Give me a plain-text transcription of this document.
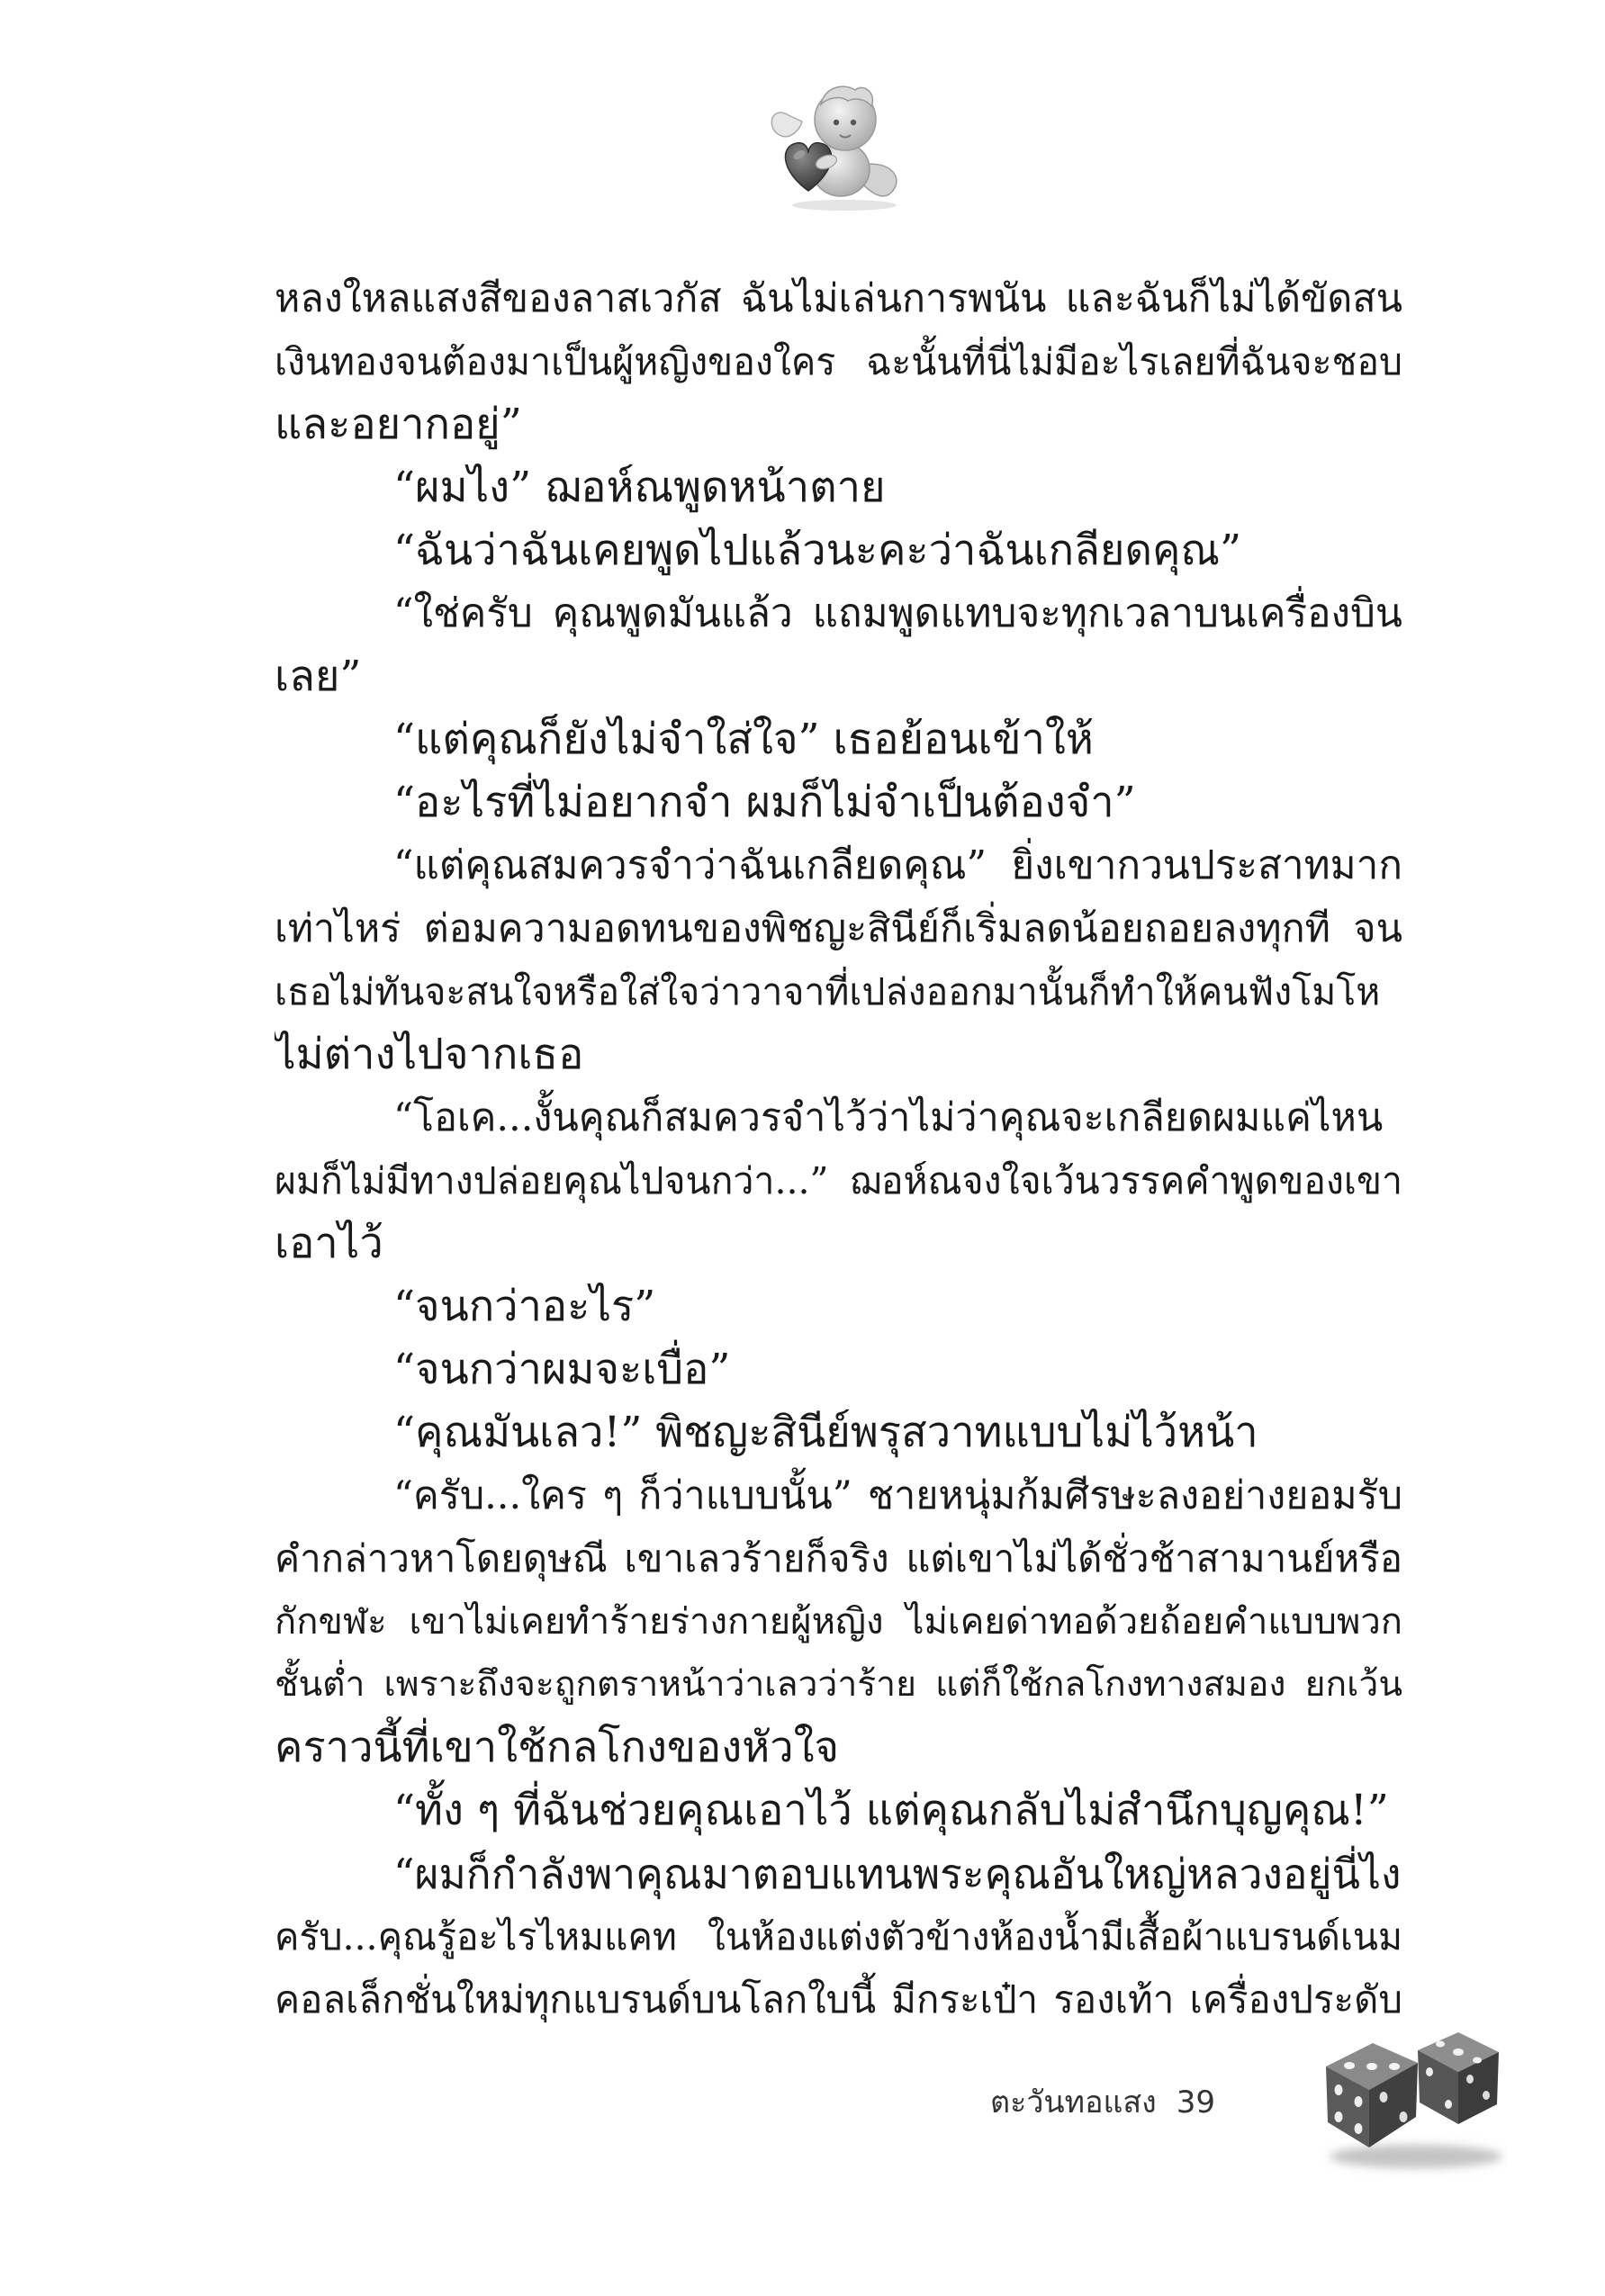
หลงใหลแสงสีของลาสเวกัส ฉันไม่เล่นการพนัน และฉันก็ไม่ได้ขัดสน
เงินทองจนต้องมาเป็นผู้หญิงของใคร ฉะนั้นที่นี่ไม่มีอะไรเลยที่ฉันจะชอบ
และอยากอยู่”
“ผมไง” ฌอห์ณพูดหน้าตาย
“ฉันว่าฉันเคยพูดไปแล้วนะคะว่าฉันเกลียดคุณ”
“ใช่ครับ คุณพูดมันแล้ว แถมพูดแทบจะทุกเวลาบนเครื่องบิน
เลย”
“แต่คุณก็ยังไม่จำใส่ใจ” เธอย้อนเข้าให้
“อะไรที่ไม่อยากจำ ผมก็ไม่จำเป็นต้องจำ”
“แต่คุณสมควรจำว่าฉันเกลียดคุณ” ยิ่งเขากวนประสาทมาก
เท่าไหร่ ต่อมความอดทนของพิชญะสินีย์ก็เริ่มลดน้อยถอยลงทุกที จน
เธอไม่ทันจะสนใจหรือใส่ใจว่าวาจาที่เปล่งออกมานั้นก็ทำให้คนฟังโมโห
ไม่ต่างไปจากเธอ
“โอเค...งั้นคุณก็สมควรจำไว้ว่าไม่ว่าคุณจะเกลียดผมแค่ไหน
ผมก็ไม่มีทางปล่อยคุณไปจนกว่า...” ฌอห์ณจงใจเว้นวรรคคำพูดของเขา
เอาไว้
“จนกว่าอะไร”
“จนกว่าผมจะเบื่อ”
“คุณมันเลว!” พิชญะสินีย์พรุสวาทแบบไม่ไว้หน้า
“ครับ...ใคร ๆ ก็ว่าแบบนั้น” ชายหนุ่มก้มศีรษะลงอย่างยอมรับ
คำกล่าวหาโดยดุษณี เขาเลวร้ายก็จริง แต่เขาไม่ได้ชั่วช้าสามานย์หรือ
กักขฬะ เขาไม่เคยทำร้ายร่างกายผู้หญิง ไม่เคยด่าทอด้วยถ้อยคำแบบพวก
ชั้นต่ำ เพราะถึงจะถูกตราหน้าว่าเลวว่าร้าย แต่ก็ใช้กลโกงทางสมอง ยกเว้น
คราวนี้ที่เขาใช้กลโกงของหัวใจ
“ทั้ง ๆ ที่ฉันช่วยคุณเอาไว้ แต่คุณกลับไม่สำนึกบุญคุณ!”
“ผมก็กำลังพาคุณมาตอบแทนพระคุณอันใหญ่หลวงอยู่นี่ไง
ครับ...คุณรู้อะไรไหมแคท ในห้องแต่งตัวข้างห้องน้ำมีเสื้อผ้าแบรนด์เนม
คอลเล็กชั่นใหม่ทุกแบรนด์บนโลกใบนี้ มีกระเป๋า รองเท้า เครื่องประดับ
ตะวันทอแสง 39
